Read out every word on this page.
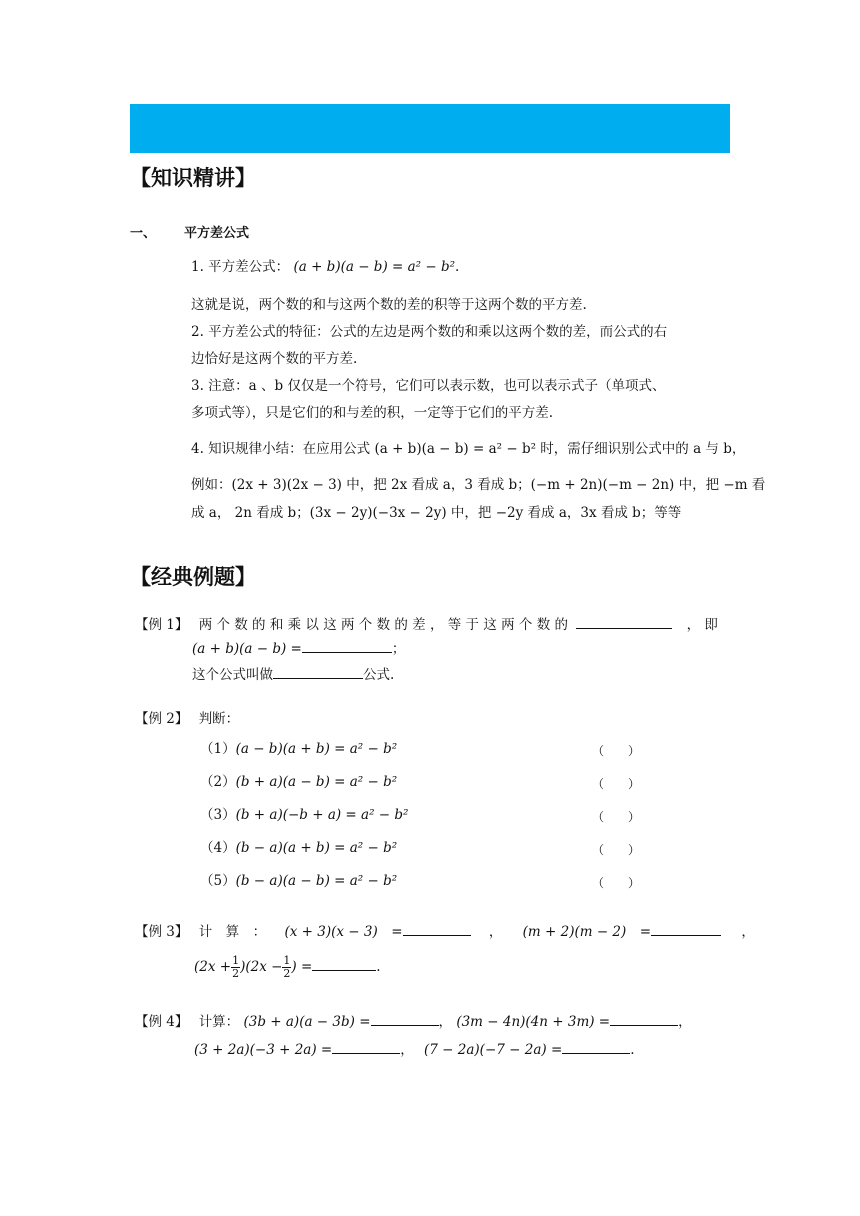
【知识精讲】
一、 平方差公式
1. 平方差公式： (a + b)(a − b) = a² − b².
这就是说，两个数的和与这两个数的差的积等于这两个数的平方差.
2. 平方差公式的特征：公式的左边是两个数的和乘以这两个数的差，而公式的右
边恰好是这两个数的平方差.
3. 注意：a 、b 仅仅是一个符号，它们可以表示数，也可以表示式子（单项式、
多项式等），只是它们的和与差的积，一定等于它们的平方差.
4. 知识规律小结：在应用公式 (a + b)(a − b) = a² − b² 时，需仔细识别公式中的 a 与 b，
例如：(2x + 3)(2x − 3) 中，把 2x 看成 a，3 看成 b；(−m + 2n)(−m − 2n) 中，把 −m 看
成 a， 2n 看成 b；(3x − 2y)(−3x − 2y) 中，把 −2y 看成 a，3x 看成 b；等等
【经典例题】
【例 1】 两 个 数 的 和 乘 以 这 两 个 数 的 差 ， 等 于 这 两 个 数 的	， 即
(a + b)(a − b) =	；
这个公式叫做	公式.
【例 2】 判断：
（1）(a − b)(a + b) = a² − b²	（　　）
（2）(b + a)(a − b) = a² − b²	（　　）
（3）(b + a)(−b + a) = a² − b²	（　　）
（4）(b − a)(a + b) = a² − b²	（　　）
（5）(b − a)(a − b) = a² − b²	（　　）
【例 3】 计　算　： (x + 3)(x − 3)　=	， (m + 2)(m − 2)　=	，
$(2x + \frac{1}{2} )(2x - \frac{1}{2}$ ) =	.
【例 4】 计算： (3b + a)(a − 3b) =	， (3m − 4n)(4n + 3m) =	，
(3 + 2a)(−3 + 2a) =	， (7 − 2a)(−7 − 2a) =	.
